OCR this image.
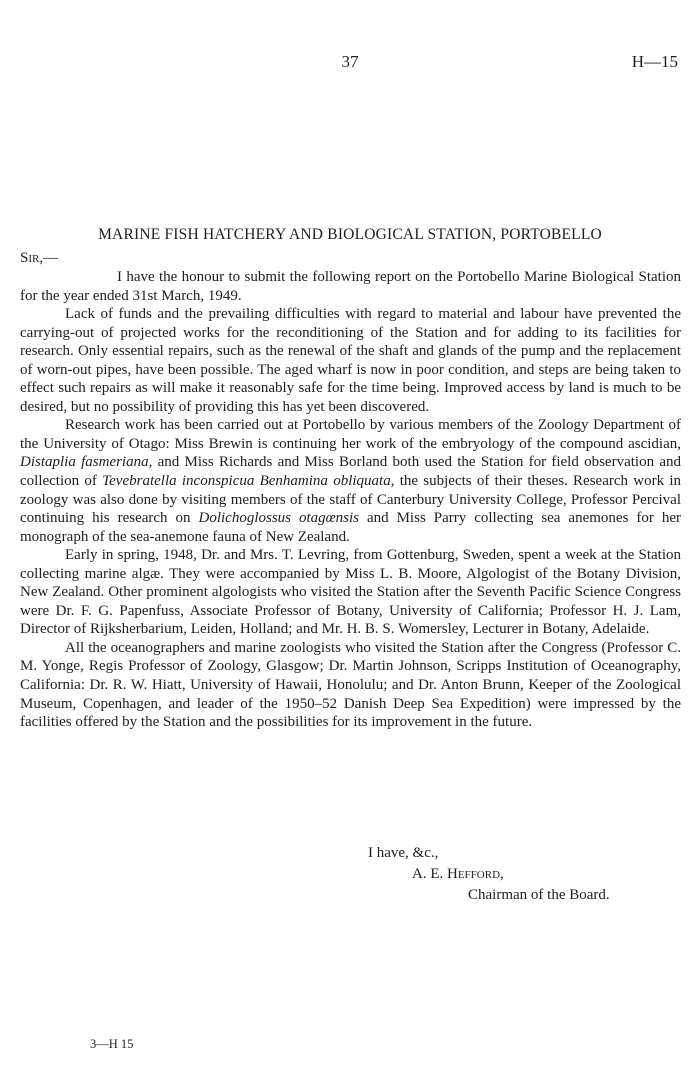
37	H—15
MARINE FISH HATCHERY AND BIOLOGICAL STATION, PORTOBELLO
Sir,—

I have the honour to submit the following report on the Portobello Marine Biological Station for the year ended 31st March, 1949.

Lack of funds and the prevailing difficulties with regard to material and labour have prevented the carrying-out of projected works for the reconditioning of the Station and for adding to its facilities for research. Only essential repairs, such as the renewal of the shaft and glands of the pump and the replacement of worn-out pipes, have been possible. The aged wharf is now in poor condition, and steps are being taken to effect such repairs as will make it reasonably safe for the time being. Improved access by land is much to be desired, but no possibility of providing this has yet been discovered.

Research work has been carried out at Portobello by various members of the Zoology Department of the University of Otago: Miss Brewin is continuing her work of the embryology of the compound ascidian, Distaplia fasmeriana, and Miss Richards and Miss Borland both used the Station for field observation and collection of Tevebratella inconspicua Benhamina obliquata, the subjects of their theses. Research work in zoology was also done by visiting members of the staff of Canterbury University College, Professor Percival continuing his research on Dolichoglossus otagœnsis and Miss Parry collecting sea anemones for her monograph of the sea-anemone fauna of New Zealand.

Early in spring, 1948, Dr. and Mrs. T. Levring, from Gottenburg, Sweden, spent a week at the Station collecting marine algæ. They were accompanied by Miss L. B. Moore, Algologist of the Botany Division, New Zealand. Other prominent algologists who visited the Station after the Seventh Pacific Science Congress were Dr. F. G. Papenfuss, Associate Professor of Botany, University of California; Professor H. J. Lam, Director of Rijksherbarium, Leiden, Holland; and Mr. H. B. S. Womersley, Lecturer in Botany, Adelaide.

All the oceanographers and marine zoologists who visited the Station after the Congress (Professor C. M. Yonge, Regis Professor of Zoology, Glasgow; Dr. Martin Johnson, Scripps Institution of Oceanography, California: Dr. R. W. Hiatt, University of Hawaii, Honolulu; and Dr. Anton Brunn, Keeper of the Zoological Museum, Copenhagen, and leader of the 1950–52 Danish Deep Sea Expedition) were impressed by the facilities offered by the Station and the possibilities for its improvement in the future.

I have, &c.,
A. E. Hefford,
Chairman of the Board.
3—H 15
